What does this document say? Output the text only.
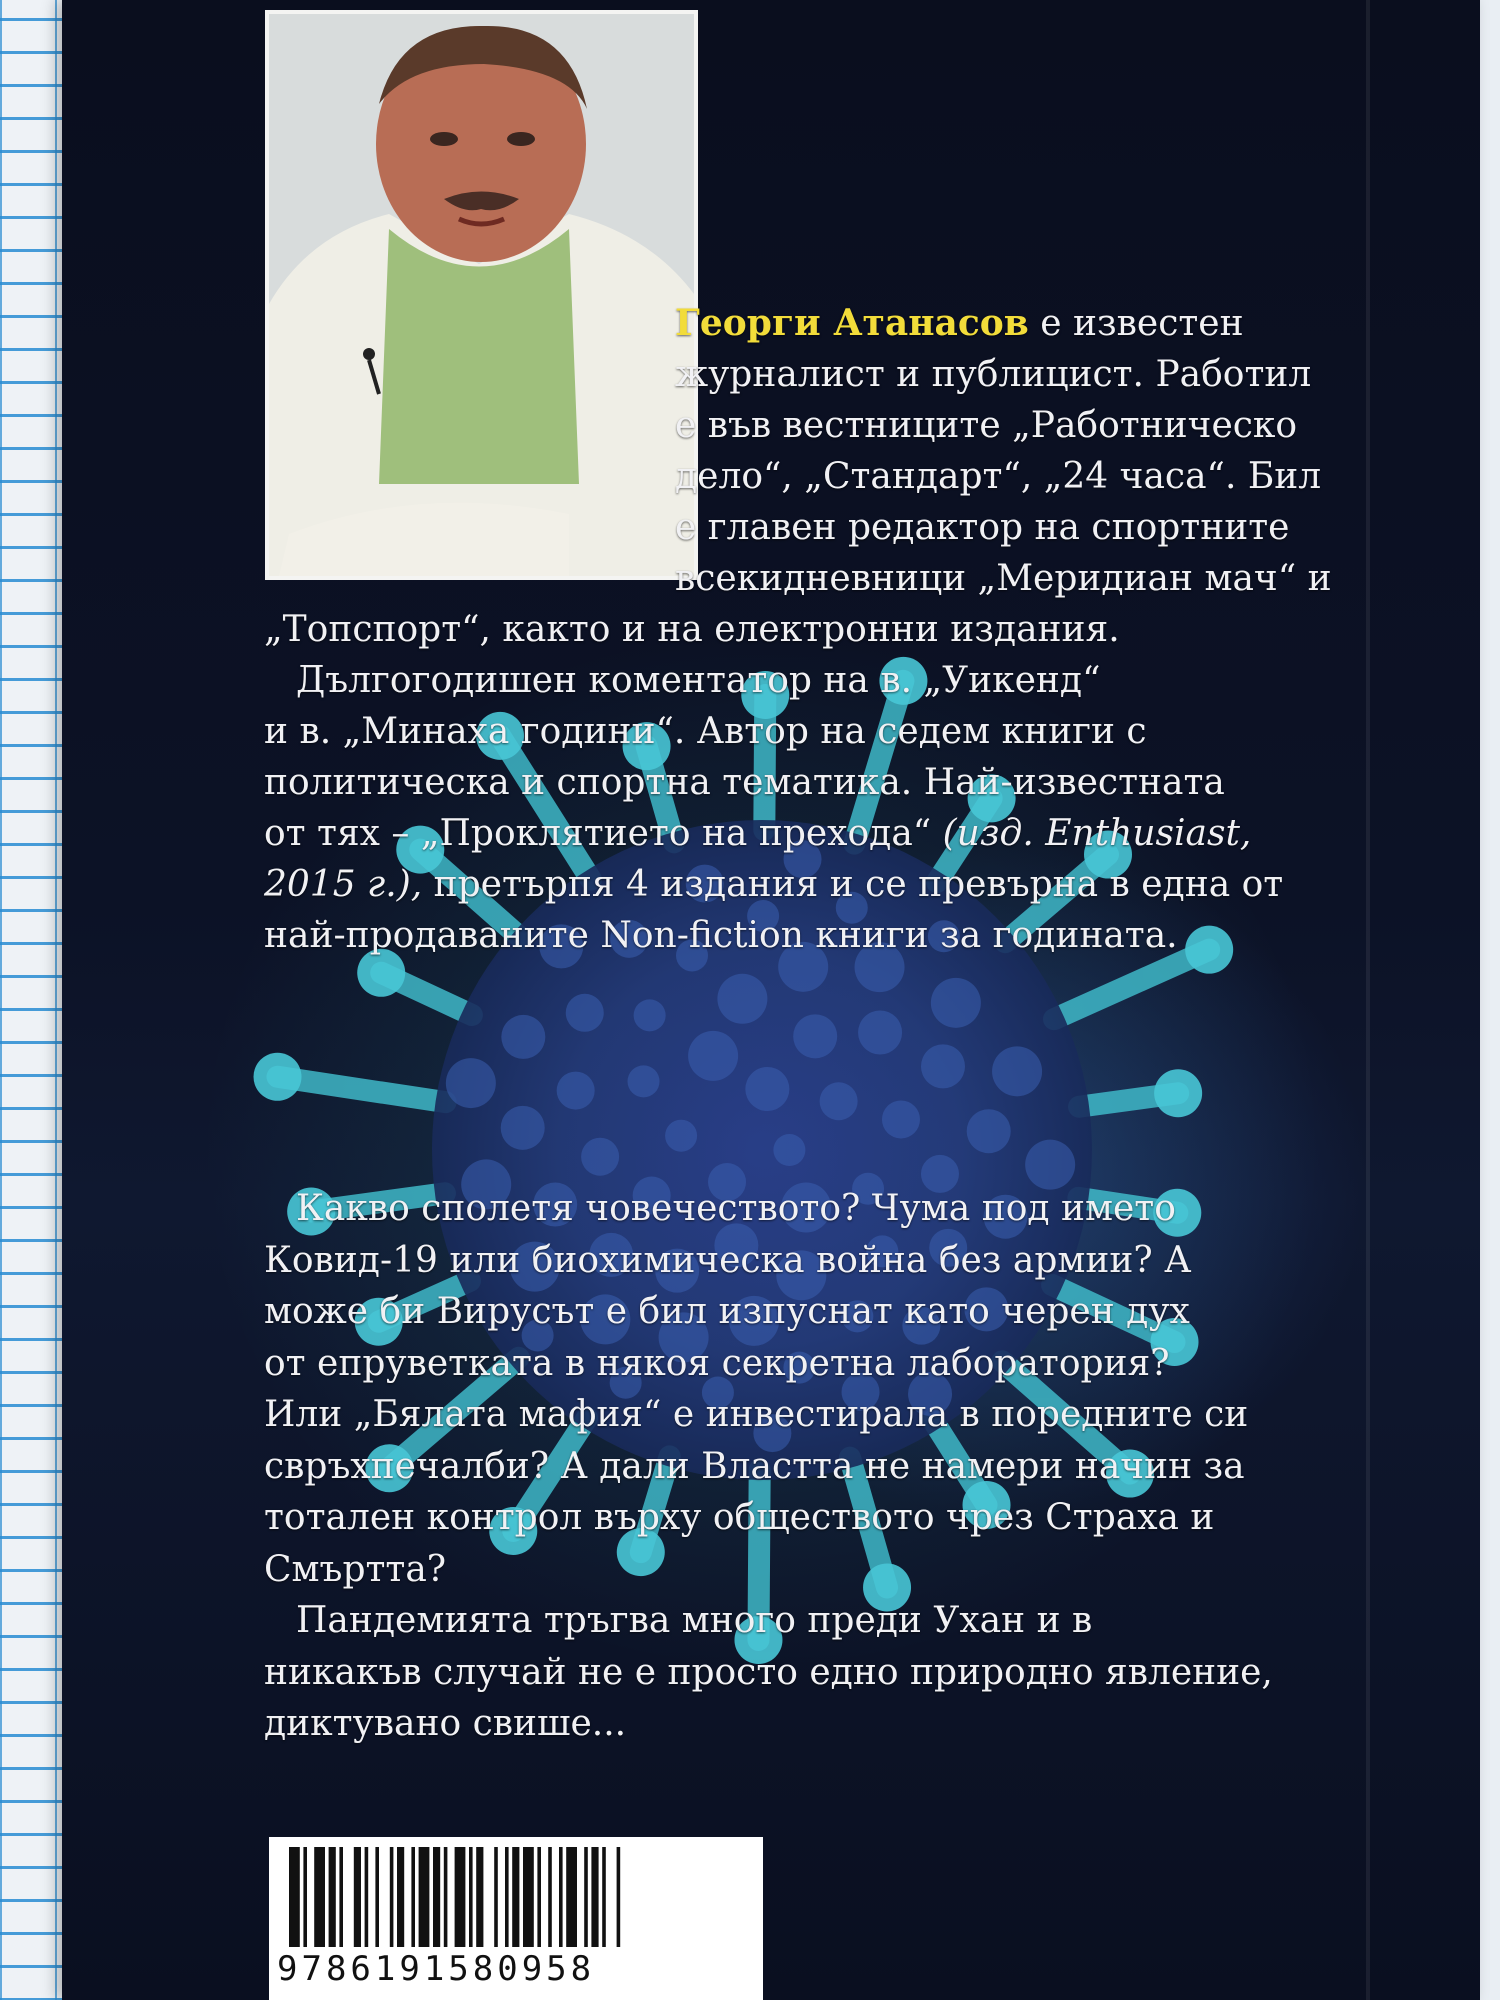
Георги Атанасов е известен
журналист и публицист. Работил
е във вестниците „Работническо
дело“, „Стандарт“, „24 часа“. Бил
е главен редактор на спортните
всекидневници „Меридиан мач“ и

„Топспорт“, както и на електронни издания.

Дългогодишен коментатор на в. „Уикенд“

и в. „Минаха години“. Автор на седем книги с

политическа и спортна тематика. Най-известната

от тях – „Проклятието на прехода“ (изд. Enthusiast,

2015 г.), претърпя 4 издания и се превърна в една от

най-продаваните Non-fiction книги за годината.

Какво сполетя човечеството? Чума под името

Ковид-19 или биохимическа война без армии? А

може би Вирусът е бил изпуснат като черен дух

от епруветката в някоя секретна лаборатория?

Или „Бялата мафия“ е инвестирала в поредните си

свръхпечалби? А дали Властта не намери начин за

тотален контрол върху обществото чрез Страха и

Смъртта?

Пандемията тръгва много преди Ухан и в

никакъв случай не е просто едно природно явление,

диктувано свише...

9786191580958
